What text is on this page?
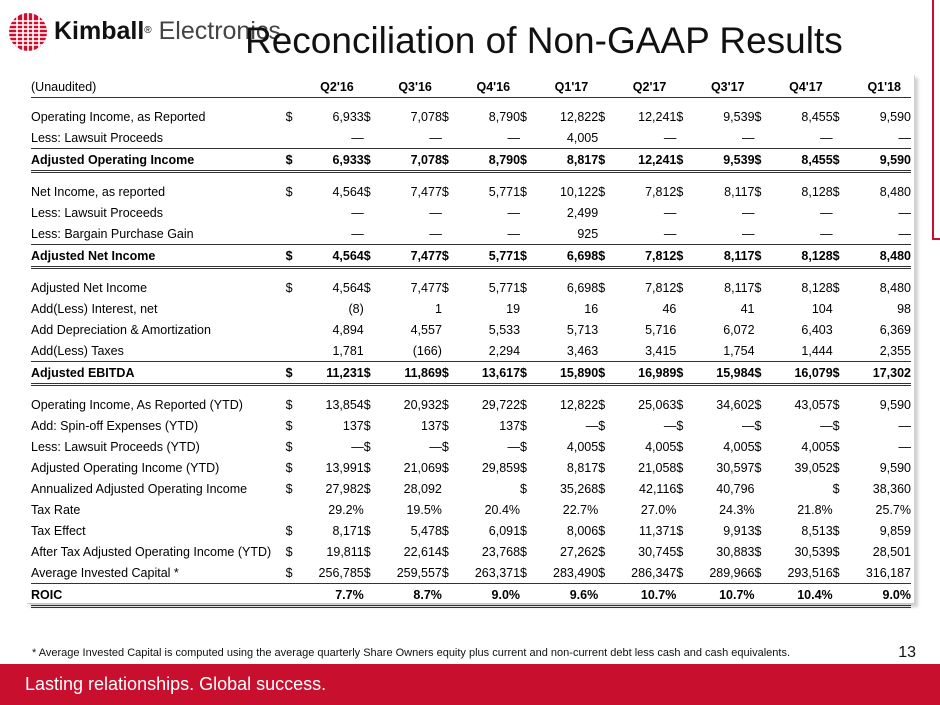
Kimball® Electronics
Reconciliation of Non-GAAP Results
(Unaudited)	Q2'16		Q3'16		Q4'16		Q1'17		Q2'17		Q3'17		Q4'17		Q1'18	

Operating Income, as Reported	$	6,933	$	7,078	$	8,790	$	12,822	$	12,241	$	9,539	$	8,455	$	9,590
Less: Lawsuit Proceeds		—		—		—		4,005		—		—		—		—
Adjusted Operating Income	$	6,933	$	7,078	$	8,790	$	8,817	$	12,241	$	9,539	$	8,455	$	9,590

Net Income, as reported	$	4,564	$	7,477	$	5,771	$	10,122	$	7,812	$	8,117	$	8,128	$	8,480
Less: Lawsuit Proceeds		—		—		—		2,499		—		—		—		—
Less: Bargain Purchase Gain		—		—		—		925		—		—		—		—
Adjusted Net Income	$	4,564	$	7,477	$	5,771	$	6,698	$	7,812	$	8,117	$	8,128	$	8,480

Adjusted Net Income	$	4,564	$	7,477	$	5,771	$	6,698	$	7,812	$	8,117	$	8,128	$	8,480
Add(Less) Interest, net		(8)		1		19		16		46		41		104		98
Add Depreciation & Amortization		4,894		4,557		5,533		5,713		5,716		6,072		6,403		6,369
Add(Less) Taxes		1,781		(166)		2,294		3,463		3,415		1,754		1,444		2,355
Adjusted EBITDA	$	11,231	$	11,869	$	13,617	$	15,890	$	16,989	$	15,984	$	16,079	$	17,302

Operating Income, As Reported (YTD)	$	13,854	$	20,932	$	29,722	$	12,822	$	25,063	$	34,602	$	43,057	$	9,590
Add: Spin-off Expenses (YTD)	$	137	$	137	$	137	$	—	$	—	$	—	$	—	$	—
Less: Lawsuit Proceeds (YTD)	$	—	$	—	$	—	$	4,005	$	4,005	$	4,005	$	4,005	$	—
Adjusted Operating Income (YTD)	$	13,991	$	21,069	$	29,859	$	8,817	$	21,058	$	30,597	$	39,052	$	9,590
Annualized Adjusted Operating Income	$	27,982	$	28,092			$	35,268	$	42,116	$	40,796			$	38,360
Tax Rate		29.2%		19.5%		20.4%		22.7%		27.0%		24.3%		21.8%		25.7%
Tax Effect	$	8,171	$	5,478	$	6,091	$	8,006	$	11,371	$	9,913	$	8,513	$	9,859
After Tax Adjusted Operating Income (YTD)	$	19,811	$	22,614	$	23,768	$	27,262	$	30,745	$	30,883	$	30,539	$	28,501
Average Invested Capital *	$	256,785	$	259,557	$	263,371	$	283,490	$	286,347	$	289,966	$	293,516	$	316,187
ROIC		7.7%		8.7%		9.0%		9.6%		10.7%		10.7%		10.4%		9.0%
* Average Invested Capital is computed using the average quarterly Share Owners equity plus current and non-current debt less cash and cash equivalents.	13
Lasting relationships. Global success.
